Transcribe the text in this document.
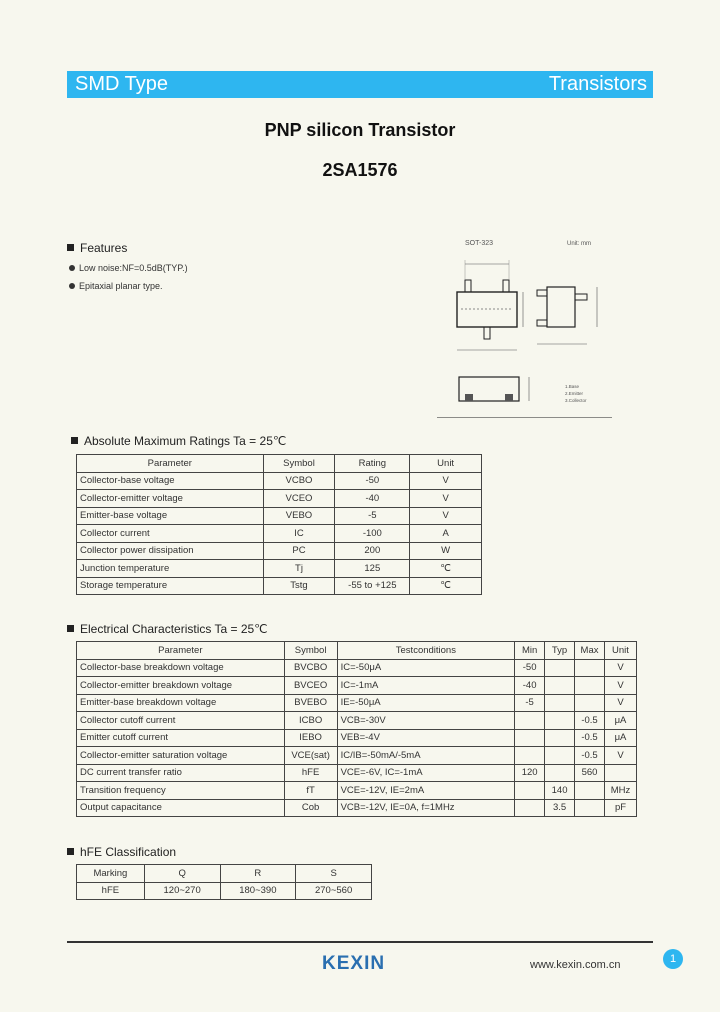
SMD Type	Transistors
PNP silicon Transistor
2SA1576
Features
Low noise:NF=0.5dB(TYP.)
Epitaxial planar type.
SOT-323	Unit: mm
1.Base
2.Emitter
3.Collector
Absolute Maximum Ratings Ta = 25℃
Parameter	Symbol	Rating	Unit
Collector-base voltage	VCBO	-50	V
Collector-emitter voltage	VCEO	-40	V
Emitter-base voltage	VEBO	-5	V
Collector current	IC	-100	A
Collector power dissipation	PC	200	W
Junction temperature	Tj	125	℃
Storage temperature	Tstg	-55 to +125	℃
Electrical Characteristics Ta = 25℃
Parameter	Symbol	Testconditions	Min	Typ	Max	Unit
Collector-base breakdown voltage	BVCBO	IC=-50μA	-50			V
Collector-emitter breakdown voltage	BVCEO	IC=-1mA	-40			V
Emitter-base breakdown voltage	BVEBO	IE=-50μA	-5			V
Collector cutoff current	ICBO	VCB=-30V			-0.5	μA
Emitter cutoff current	IEBO	VEB=-4V			-0.5	μA
Collector-emitter saturation voltage	VCE(sat)	IC/IB=-50mA/-5mA			-0.5	V
DC current transfer ratio	hFE	VCE=-6V, IC=-1mA	120		560	
Transition frequency	fT	VCE=-12V, IE=2mA		140		MHz
Output capacitance	Cob	VCB=-12V, IE=0A, f=1MHz		3.5		pF
hFE Classification
Marking	Q	R	S
hFE	120~270	180~390	270~560
KEXIN	www.kexin.com.cn	1
